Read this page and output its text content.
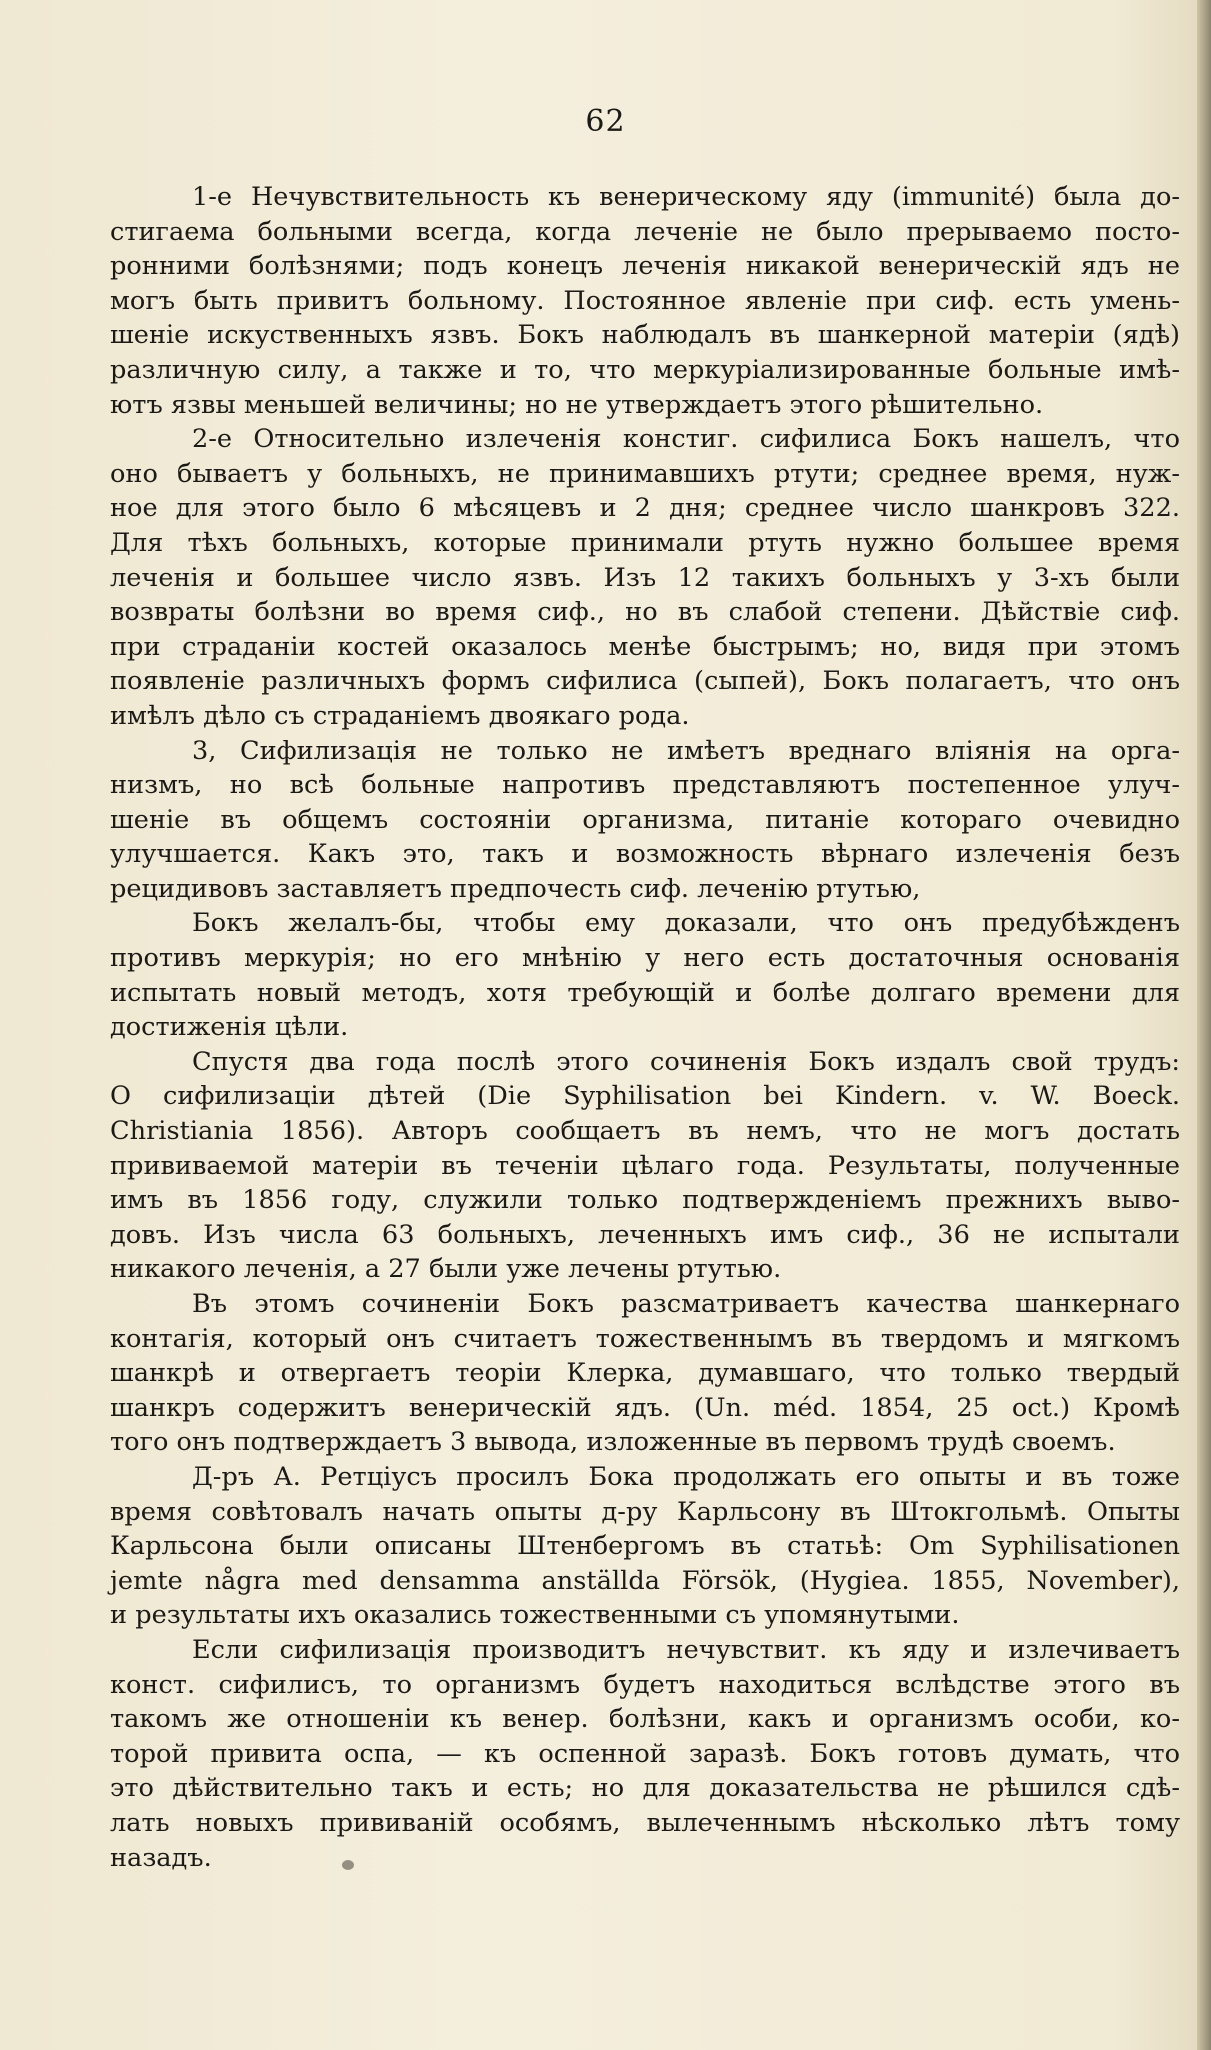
62
1-е Нечувствительность къ венерическому яду (immunité) была до-
стигаема больными всегда, когда леченіе не было прерываемо посто-
ронними болѣзнями; подъ конецъ леченія никакой венерическій ядъ не
могъ быть привитъ больному. Постоянное явленіе при сиф. есть умень-
шеніе искуственныхъ язвъ. Бокъ наблюдалъ въ шанкерной матеріи (ядѣ)
различную силу, а также и то, что меркуріализированные больные имѣ-
ютъ язвы меньшей величины; но не утверждаетъ этого рѣшительно.
2-е Относительно излеченія констиг. сифилиса Бокъ нашелъ, что
оно бываетъ у больныхъ, не принимавшихъ ртути; среднее время, нуж-
ное для этого было 6 мѣсяцевъ и 2 дня; среднее число шанкровъ 322.
Для тѣхъ больныхъ, которые принимали ртуть нужно большее время
леченія и большее число язвъ. Изъ 12 такихъ больныхъ у 3-хъ были
возвраты болѣзни во время сиф., но въ слабой степени. Дѣйствіе сиф.
при страданіи костей оказалось менѣе быстрымъ; но, видя при этомъ
появленіе различныхъ формъ сифилиса (сыпей), Бокъ полагаетъ, что онъ
имѣлъ дѣло съ страданіемъ двоякаго рода.
3, Сифилизація не только не имѣетъ вреднаго вліянія на орга-
низмъ, но всѣ больные напротивъ представляютъ постепенное улуч-
шеніе въ общемъ состояніи организма, питаніе котораго очевидно
улучшается. Какъ это, такъ и возможность вѣрнаго излеченія безъ
рецидивовъ заставляетъ предпочесть сиф. леченію ртутью,
Бокъ желалъ-бы, чтобы ему доказали, что онъ предубѣжденъ
противъ меркурія; но его мнѣнію у него есть достаточныя основанія
испытать новый методъ, хотя требующій и болѣе долгаго времени для
достиженія цѣли.
Спустя два года послѣ этого сочиненія Бокъ издалъ свой трудъ:
О сифилизаціи дѣтей (Die Syphilisation bei Kindern. v. W. Boeck.
Christiania 1856). Авторъ сообщаетъ въ немъ, что не могъ достать
прививаемой матеріи въ теченіи цѣлаго года. Результаты, полученные
имъ въ 1856 году, служили только подтвержденіемъ прежнихъ выво-
довъ. Изъ числа 63 больныхъ, леченныхъ имъ сиф., 36 не испытали
никакого леченія, а 27 были уже лечены ртутью.
Въ этомъ сочиненіи Бокъ разсматриваетъ качества шанкернаго
контагія, который онъ считаетъ тожественнымъ въ твердомъ и мягкомъ
шанкрѣ и отвергаетъ теоріи Клерка, думавшаго, что только твердый
шанкръ содержитъ венерическій ядъ. (Un. méd. 1854, 25 oct.) Кромѣ
того онъ подтверждаетъ 3 вывода, изложенные въ первомъ трудѣ своемъ.
Д-ръ А. Ретціусъ просилъ Бока продолжать его опыты и въ тоже
время совѣтовалъ начать опыты д-ру Карльсону въ Штокгольмѣ. Опыты
Карльсона были описаны Штенбергомъ въ статьѣ: Om Syphilisationen
jemte några med densamma anställda Försök, (Hygiea. 1855, November),
и результаты ихъ оказались тожественными съ упомянутыми.
Если сифилизація производитъ нечувствит. къ яду и излечиваетъ
конст. сифилисъ, то организмъ будетъ находиться вслѣдстве этого въ
такомъ же отношеніи къ венер. болѣзни, какъ и организмъ особи, ко-
торой привита оспа, — къ оспенной заразѣ. Бокъ готовъ думать, что
это дѣйствительно такъ и есть; но для доказательства не рѣшился сдѣ-
лать новыхъ прививаній особямъ, вылеченнымъ нѣсколько лѣтъ тому
назадъ.
